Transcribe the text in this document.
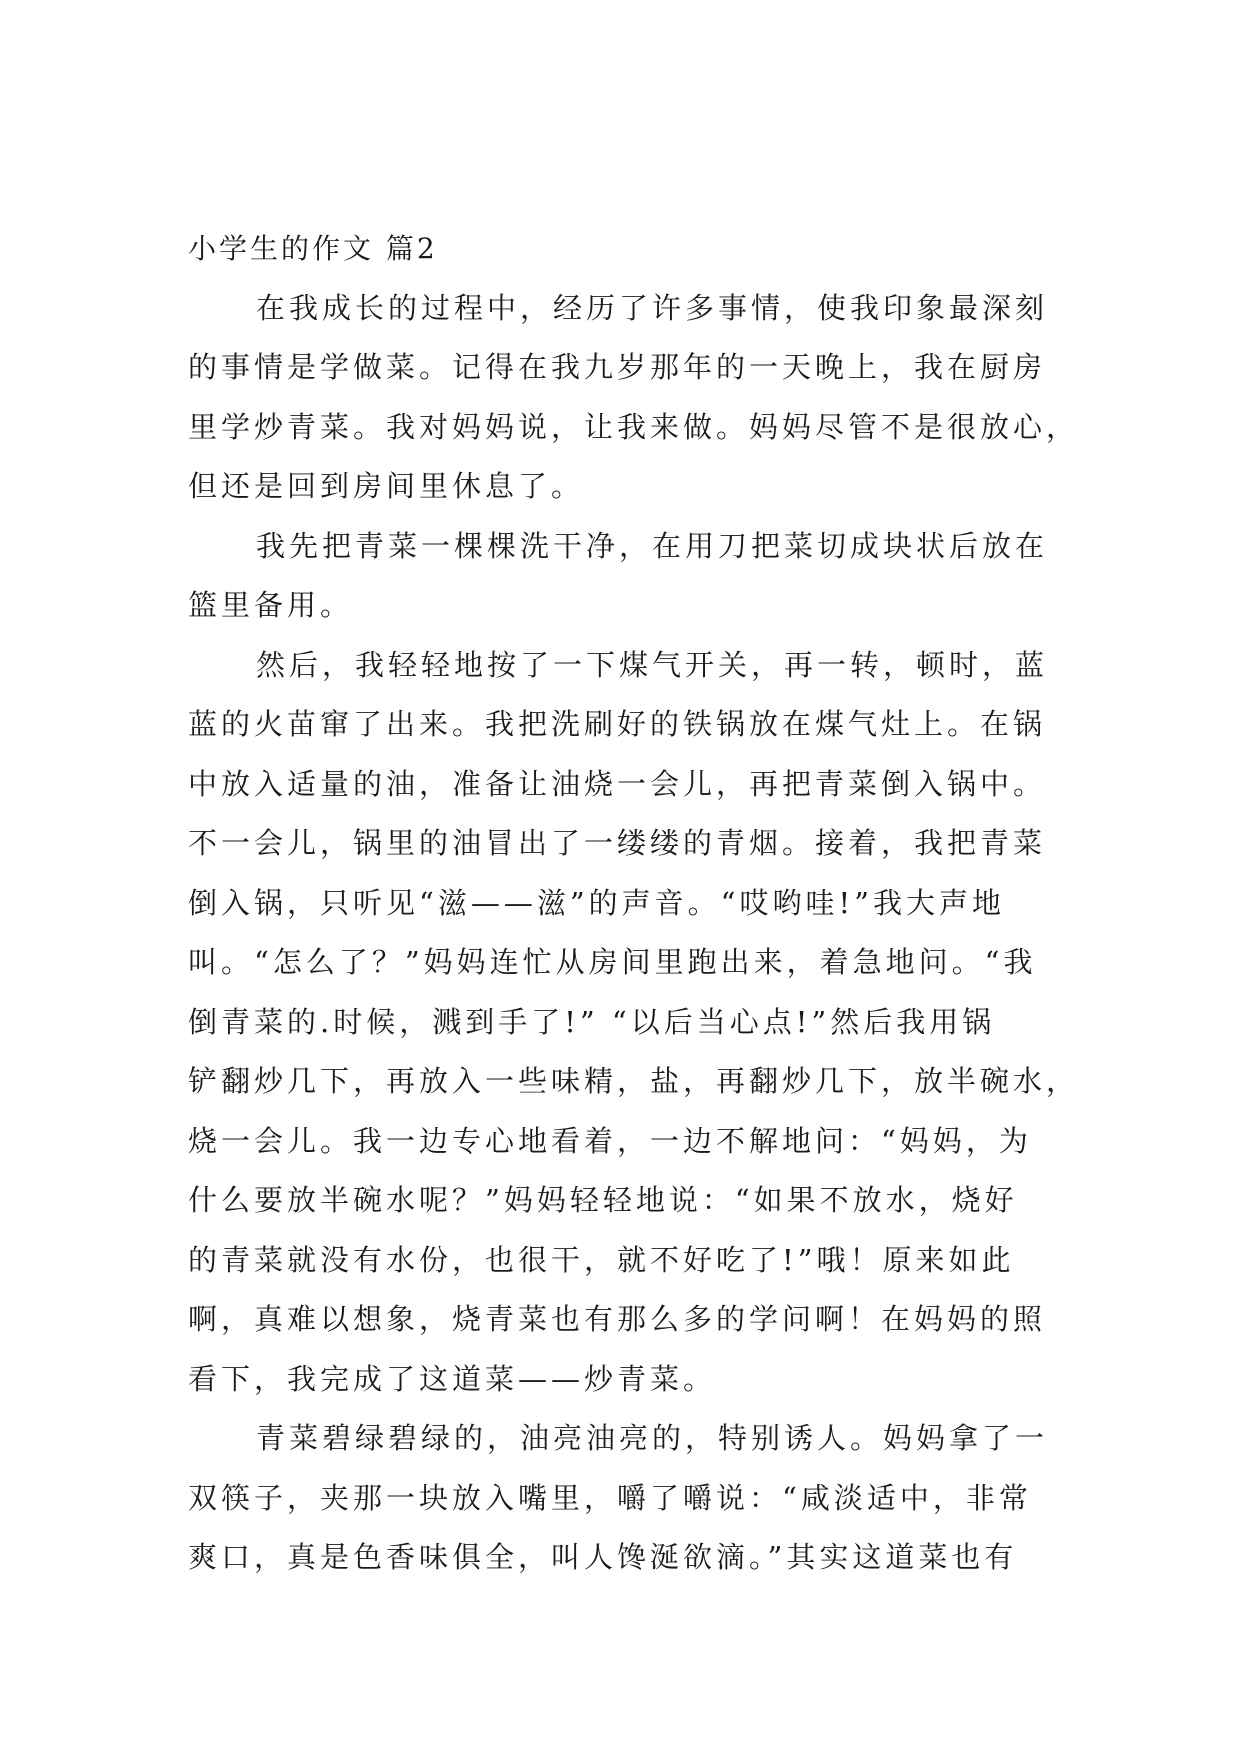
小学生的作文 篇2
在我成长的过程中，经历了许多事情，使我印象最深刻
的事情是学做菜。记得在我九岁那年的一天晚上，我在厨房
里学炒青菜。我对妈妈说，让我来做。妈妈尽管不是很放心，
但还是回到房间里休息了。
我先把青菜一棵棵洗干净，在用刀把菜切成块状后放在
篮里备用。
然后，我轻轻地按了一下煤气开关，再一转，顿时，蓝
蓝的火苗窜了出来。我把洗刷好的铁锅放在煤气灶上。在锅
中放入适量的油，准备让油烧一会儿，再把青菜倒入锅中。
不一会儿，锅里的油冒出了一缕缕的青烟。接着，我把青菜
倒入锅，只听见“滋——滋”的声音。“哎哟哇!”我大声地
叫。“怎么了？”妈妈连忙从房间里跑出来，着急地问。“我
倒青菜的.时候，溅到手了!” “以后当心点!”然后我用锅
铲翻炒几下，再放入一些味精，盐，再翻炒几下，放半碗水，
烧一会儿。我一边专心地看着，一边不解地问：“妈妈，为
什么要放半碗水呢？”妈妈轻轻地说：“如果不放水，烧好
的青菜就没有水份，也很干，就不好吃了!”哦！原来如此
啊，真难以想象，烧青菜也有那么多的学问啊！在妈妈的照
看下，我完成了这道菜——炒青菜。
青菜碧绿碧绿的，油亮油亮的，特别诱人。妈妈拿了一
双筷子，夹那一块放入嘴里，嚼了嚼说：“咸淡适中，非常
爽口，真是色香味俱全，叫人馋涎欲滴。”其实这道菜也有
